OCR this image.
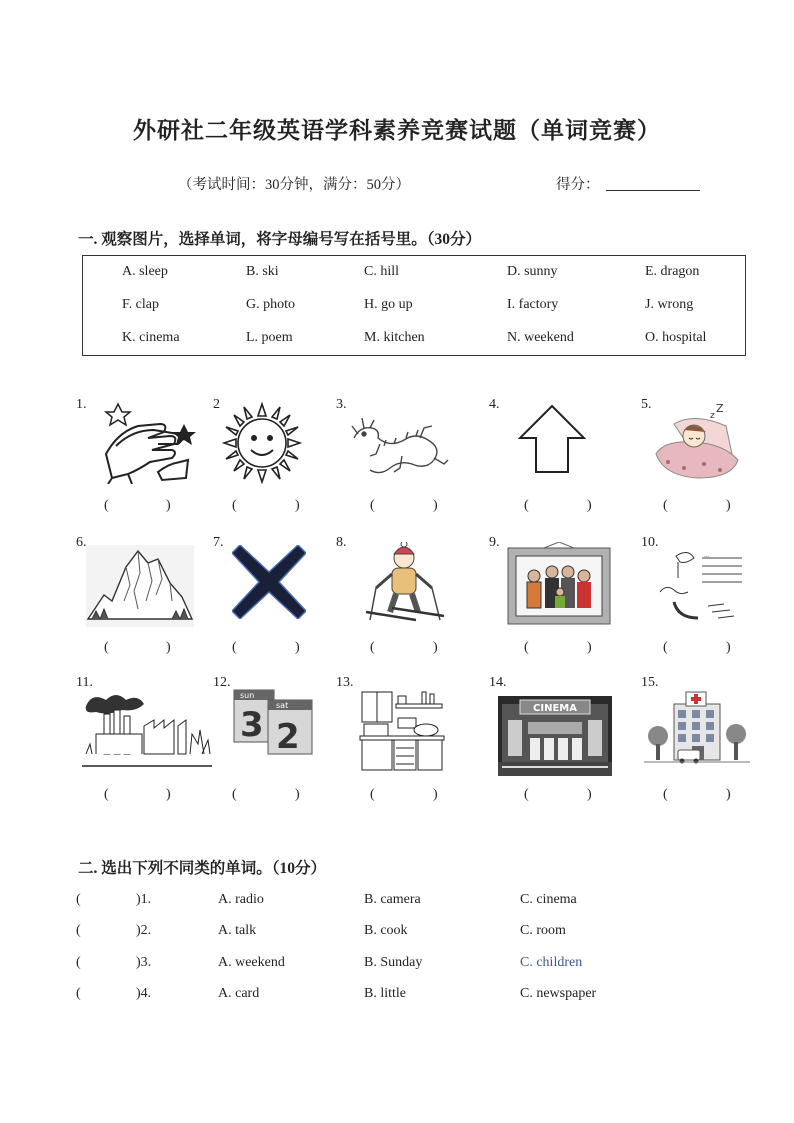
外研社二年级英语学科素养竞赛试题（单词竞赛）
（考试时间：30分钟，满分：50分）	得分：
一. 观察图片，选择单词，将字母编号写在括号里。（30分）
A. sleep	B. ski	C. hill	D. sunny	E. dragon
F. clap	G. photo	H. go up	I. factory	J. wrong
K. cinema	L. poem	M. kitchen	N. weekend	O. hospital
1.	2	3.	4.	5.
z
Z
(	)	(	)	(	)	(	)	(	)
6.	7.	8.	9.	10.
...
(	)	(	)	(	)	(	)	(	)
11.	12.	13.	14.	15.
sun
3 sat
2
CINEMA
(	)	(	)	(	)	(	)	(	)
二. 选出下列不同类的单词。（10分）
(	)1.	A. radio	B. camera	C. cinema
(	)2.	A. talk	B. cook	C. room
(	)3.	A. weekend	B. Sunday	C. children
(	)4.	A. card	B. little	C. newspaper
